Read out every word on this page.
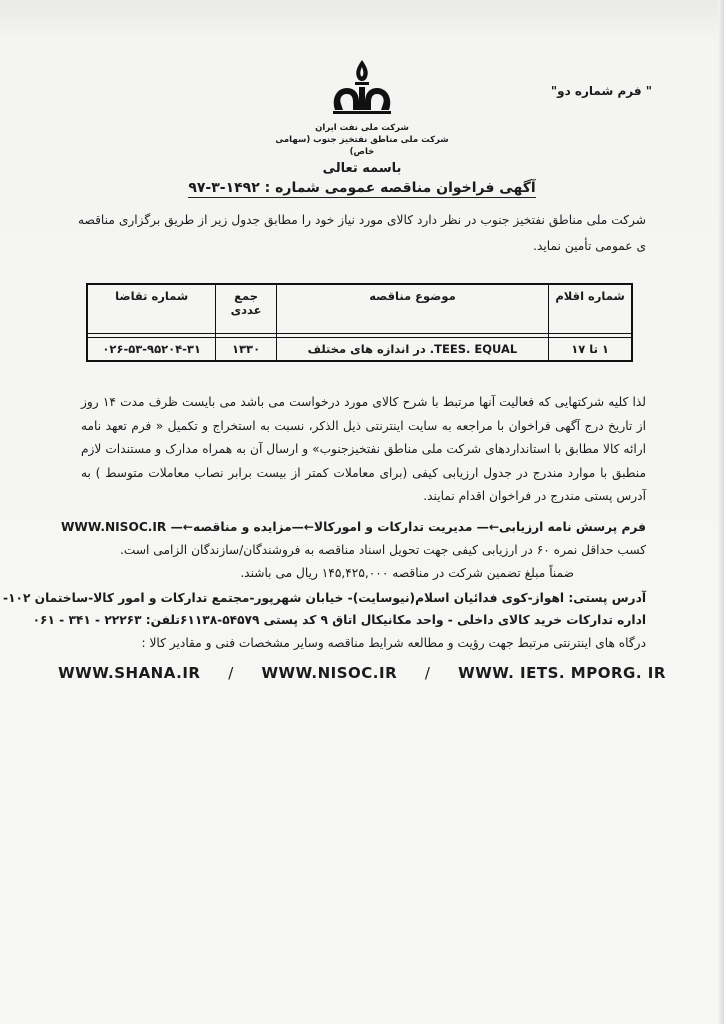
" فرم شماره دو"
شرکت ملی نفت ایران
شرکت ملی مناطق نفتخیز جنوب (سهامی خاص)
باسمه تعالی
آگهی فراخوان مناقصه عمومی شماره : ۱۴۹۲-۳-۹۷
شرکت ملی مناطق نفتخیز جنوب در نظر دارد کالای مورد نیاز خود را مطابق جدول زیر از طریق برگزاری مناقصه ی عمومی تأمین نماید.
شماره اقلام	موضوع مناقصه	جمع عددی	شماره تقاضا

۱ تا ۱۷	TEES. EQUAL. در اندازه های مختلف	۱۳۳۰	۰۲۶-۵۳-۹۵۲۰۴-۳۱
لذا کلیه شرکتهایی که فعالیت آنها مرتبط با شرح کالای مورد درخواست می باشد می بایست ظرف مدت ۱۴ روز از تاریخ درج آگهی فراخوان با مراجعه به سایت اینترنتی ذیل الذکر، نسبت به استخراج و تکمیل « فرم تعهد نامه ارائه کالا مطابق با استانداردهای شرکت ملی مناطق نفتخیزجنوب» و ارسال آن به همراه مدارک و مستندات لازم منطبق با موارد مندرج در جدول ارزیابی کیفی (برای معاملات کمتر از بیست برابر نصاب معاملات متوسط ) به آدرس پستی مندرج در فراخوان اقدام نمایند.
فرم پرسش نامه ارزیابی←— مدیریت تدارکات و امورکالا←—مزایده و مناقصه←— WWW.NISOC.IR
کسب حداقل نمره ۶۰ در ارزیابی کیفی جهت تحویل اسناد مناقصه به فروشندگان/سازندگان الزامی است.
ضمناً مبلغ تضمین شرکت در مناقصه ۱۴۵,۴۲۵,۰۰۰ ریال می باشند.
آدرس پستی: اهواز-کوی فدائیان اسلام(نیوسایت)- خیابان شهرپور-مجتمع تدارکات و امور کالا-ساختمان ۱۰۲-
اداره تدارکات خرید کالای داخلی - واحد مکانیکال اتاق ۹ کد پستی ۵۴۵۷۹-۶۱۱۳۸تلفن: ۲۲۲۶۳ - ۳۴۱ - ۰۶۱
درگاه های اینترنتی مرتبط جهت رؤیت و مطالعه شرایط مناقصه وسایر مشخصات فنی و مقادیر کالا :
WWW.SHANA.IR / WWW.NISOC.IR / WWW. IETS. MPORG. IR
